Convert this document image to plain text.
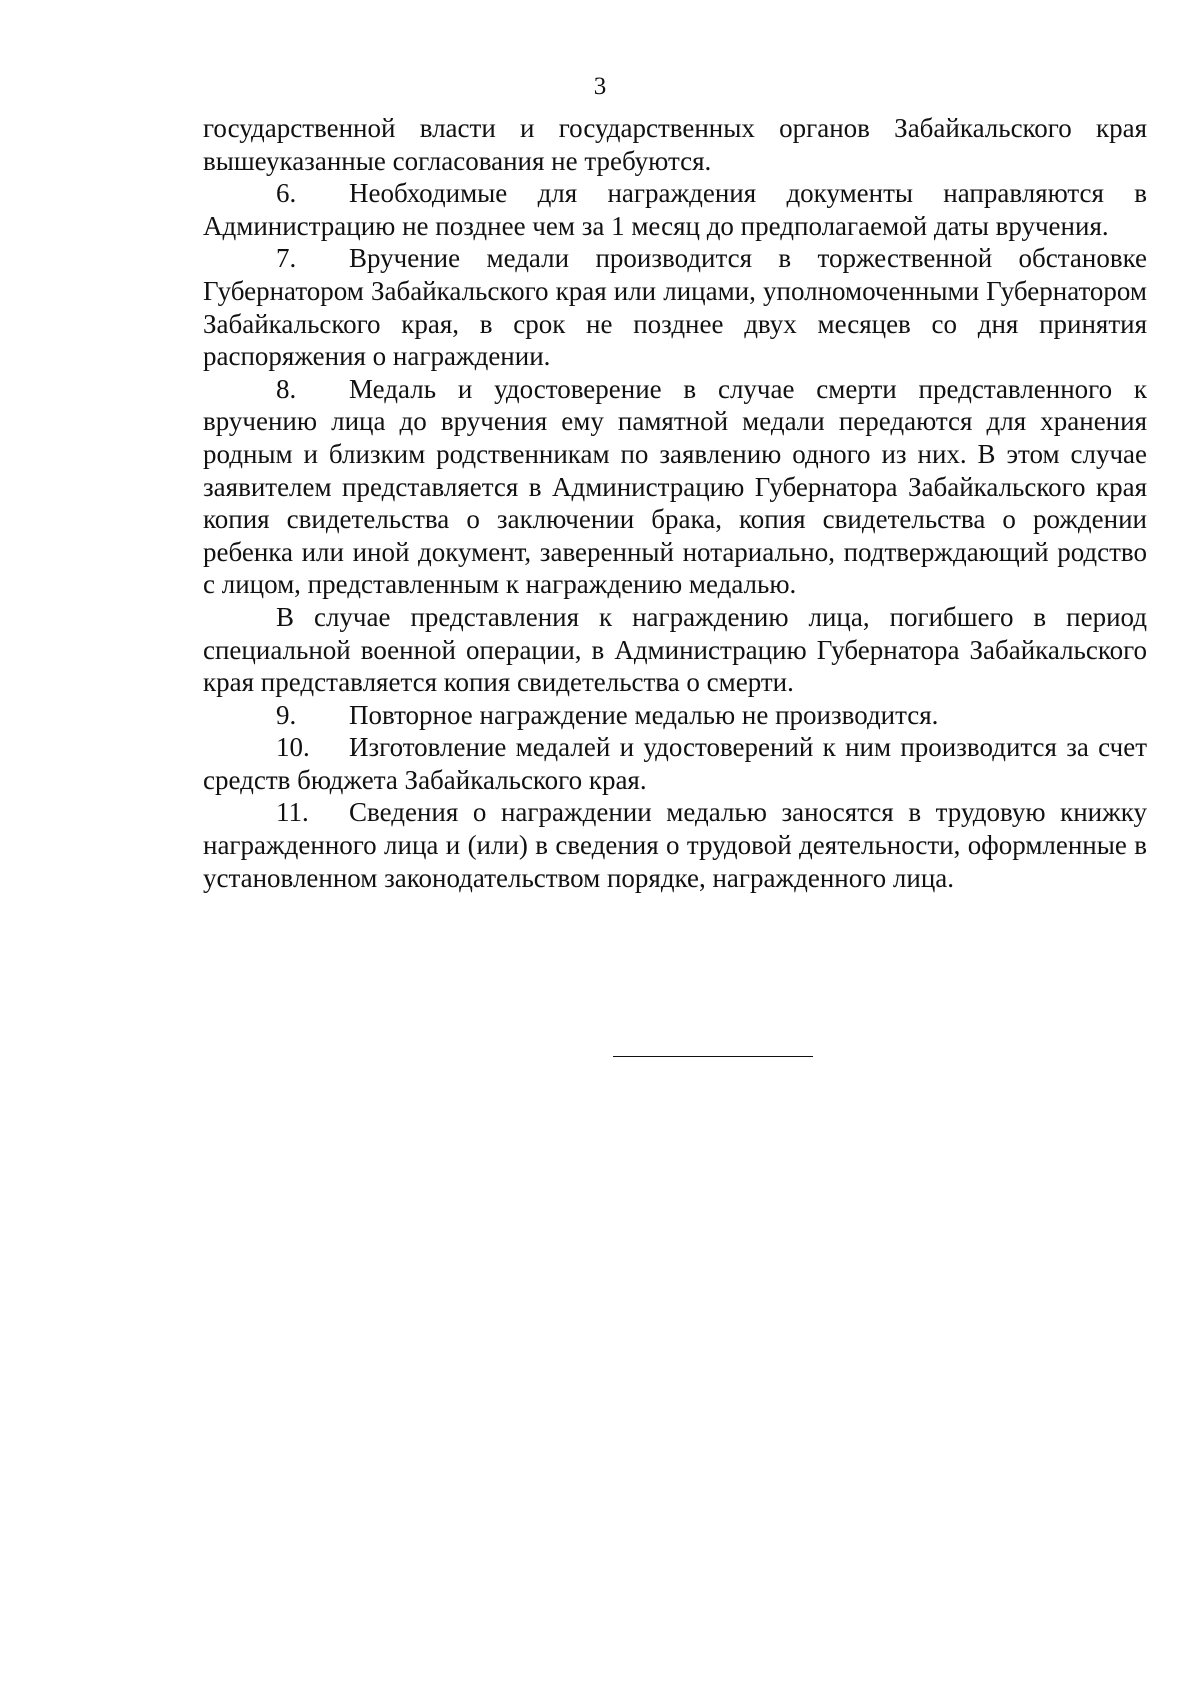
3

государственной власти и государственных органов Забайкальского края вышеуказанные согласования не требуются.

6. Необходимые для награждения документы направляются в Администрацию не позднее чем за 1 месяц до предполагаемой даты вручения.

7. Вручение медали производится в торжественной обстановке Губернатором Забайкальского края или лицами, уполномоченными Губернатором Забайкальского края, в срок не позднее двух месяцев со дня принятия распоряжения о награждении.

8. Медаль и удостоверение в случае смерти представленного к вручению лица до вручения ему памятной медали передаются для хранения родным и близким родственникам по заявлению одного из них. В этом случае заявителем представляется в Администрацию Губернатора Забайкальского края копия свидетельства о заключении брака, копия свидетельства о рождении ребенка или иной документ, заверенный нотариально, подтверждающий родство с лицом, представленным к награждению медалью.

В случае представления к награждению лица, погибшего в период специальной военной операции, в Администрацию Губернатора Забайкальского края представляется копия свидетельства о смерти.

9. Повторное награждение медалью не производится.

10. Изготовление медалей и удостоверений к ним производится за счет средств бюджета Забайкальского края.

11. Сведения о награждении медалью заносятся в трудовую книжку награжденного лица и (или) в сведения о трудовой деятельности, оформленные в установленном законодательством порядке, награжденного лица.
